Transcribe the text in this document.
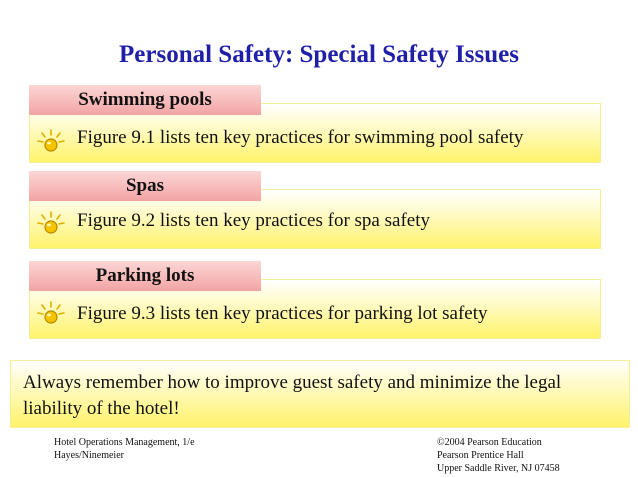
Personal Safety: Special Safety Issues
Swimming pools
Figure 9.1 lists ten key practices for swimming pool safety
Spas
Figure 9.2 lists ten key practices for spa safety
Parking lots
Figure 9.3 lists ten key practices for parking lot safety
Always remember how to improve guest safety and minimize the legal liability of the hotel!
Hotel Operations Management, 1/e
Hayes/Ninemeier
©2004 Pearson Education
Pearson Prentice Hall
Upper Saddle River, NJ 07458
